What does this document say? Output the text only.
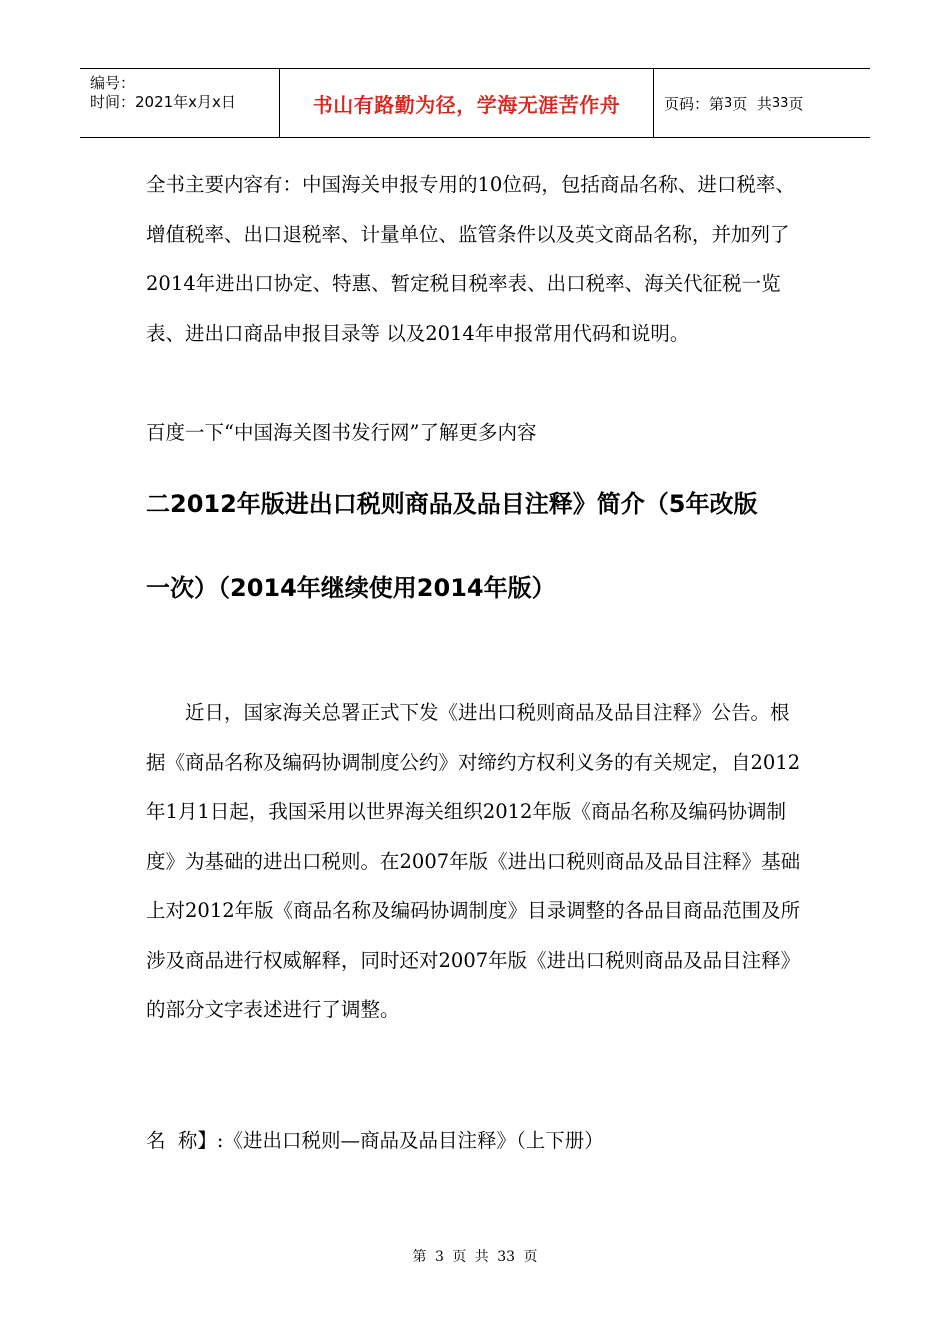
编号：
时间：2021年x月x日	书山有路勤为径，学海无涯苦作舟	页码：第 3 页  共 33 页

全书主要内容有：中国海关申报专用的10位码，包括商品名称、进口税率、增值税率、出口退税率、计量单位、监管条件以及英文商品名称，并加列了2014年进出口协定、特惠、暂定税目税率表、出口税率、海关代征税一览表、进出口商品申报目录等 以及2014年申报常用代码和说明。

百度一下“中国海关图书发行网”了解更多内容

二2012年版进出口税则商品及品目注释》简介（5年改版
一次）（2014年继续使用2014年版）

近日，国家海关总署正式下发《进出口税则商品及品目注释》公告。根据《商品名称及编码协调制度公约》对缔约方权利义务的有关规定，自2012年1月1日起，我国采用以世界海关组织2012年版《商品名称及编码协调制度》为基础的进出口税则。在2007年版《进出口税则商品及品目注释》基础上对2012年版《商品名称及编码协调制度》目录调整的各品目商品范围及所涉及商品进行权威解释，同时还对2007年版《进出口税则商品及品目注释》的部分文字表述进行了调整。

名  称】:《进出口税则—商品及品目注释》（上下册）

第 3 页 共 33 页
